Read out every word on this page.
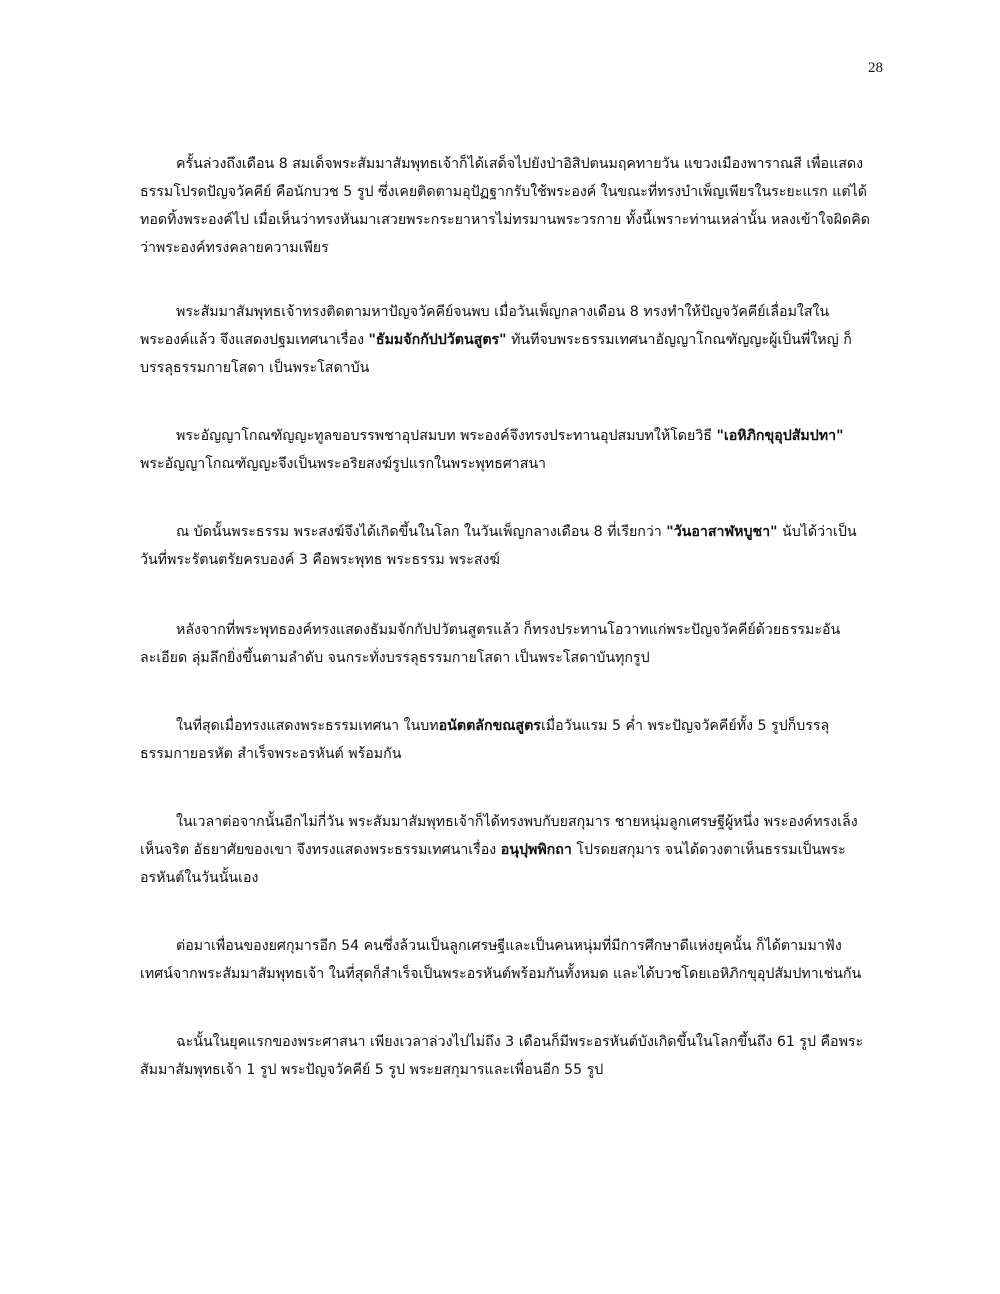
28

ครั้นล่วงถึงเดือน 8 สมเด็จพระสัมมาสัมพุทธเจ้าก็ได้เสด็จไปยังป่าอิสิปตนมฤคทายวัน แขวงเมืองพาราณสี เพื่อแสดงธรรมโปรดปัญจวัคคีย์ คือนักบวช 5 รูป ซึ่งเคยติดตามอุปัฏฐากรับใช้พระองค์ ในขณะที่ทรงบำเพ็ญเพียรในระยะแรก แต่ได้ทอดทิ้งพระองค์ไป เมื่อเห็นว่าทรงหันมาเสวยพระกระยาหารไม่ทรมานพระวรกาย ทั้งนี้เพราะท่านเหล่านั้น หลงเข้าใจผิดคิดว่าพระองค์ทรงคลายความเพียร

พระสัมมาสัมพุทธเจ้าทรงติดตามหาปัญจวัคคีย์จนพบ เมื่อวันเพ็ญกลางเดือน 8 ทรงทำให้ปัญจวัคคีย์เลื่อมใสในพระองค์แล้ว จึงแสดงปฐมเทศนาเรื่อง "ธัมมจักกัปปวัตนสูตร" ทันทีจบพระธรรมเทศนาอัญญาโกณฑัญญะผู้เป็นพี่ใหญ่ ก็บรรลุธรรมกายโสดา เป็นพระโสดาบัน

พระอัญญาโกณฑัญญะทูลขอบรรพชาอุปสมบท พระองค์จึงทรงประทานอุปสมบทให้โดยวิธี "เอหิภิกขุอุปสัมปทา" พระอัญญาโกณฑัญญะจึงเป็นพระอริยสงฆ์รูปแรกในพระพุทธศาสนา

ณ บัดนั้นพระธรรม พระสงฆ์จึงได้เกิดขึ้นในโลก ในวันเพ็ญกลางเดือน 8 ที่เรียกว่า "วันอาสาฬหบูชา" นับได้ว่าเป็นวันที่พระรัตนตรัยครบองค์ 3 คือพระพุทธ พระธรรม พระสงฆ์

หลังจากที่พระพุทธองค์ทรงแสดงธัมมจักกัปปวัตนสูตรแล้ว ก็ทรงประทานโอวาทแก่พระปัญจวัคคีย์ด้วยธรรมะอันละเอียด ลุ่มลึกยิ่งขึ้นตามลำดับ จนกระทั่งบรรลุธรรมกายโสดา เป็นพระโสดาบันทุกรูป

ในที่สุดเมื่อทรงแสดงพระธรรมเทศนา ในบทอนัตตลักขณสูตรเมื่อวันแรม 5 ค่ำ พระปัญจวัคคีย์ทั้ง 5 รูปก็บรรลุธรรมกายอรหัต สำเร็จพระอรหันต์ พร้อมกัน

ในเวลาต่อจากนั้นอีกไม่กี่วัน พระสัมมาสัมพุทธเจ้าก็ได้ทรงพบกับยสกุมาร ชายหนุ่มลูกเศรษฐีผู้หนึ่ง พระองค์ทรงเล็งเห็นจริต อัธยาศัยของเขา จึงทรงแสดงพระธรรมเทศนาเรื่อง อนุปุพพิกถา โปรดยสกุมาร จนได้ดวงตาเห็นธรรมเป็นพระอรหันต์ในวันนั้นเอง

ต่อมาเพื่อนของยศกุมารอีก 54 คนซึ่งล้วนเป็นลูกเศรษฐีและเป็นคนหนุ่มที่มีการศึกษาดีแห่งยุคนั้น ก็ได้ตามมาฟังเทศน์จากพระสัมมาสัมพุทธเจ้า ในที่สุดก็สำเร็จเป็นพระอรหันต์พร้อมกันทั้งหมด และได้บวชโดยเอหิภิกขุอุปสัมปทาเช่นกัน

ฉะนั้นในยุคแรกของพระศาสนา เพียงเวลาล่วงไปไม่ถึง 3 เดือนก็มีพระอรหันต์บังเกิดขึ้นในโลกขึ้นถึง 61 รูป คือพระสัมมาสัมพุทธเจ้า 1 รูป พระปัญจวัคคีย์ 5 รูป พระยสกุมารและเพื่อนอีก 55 รูป
